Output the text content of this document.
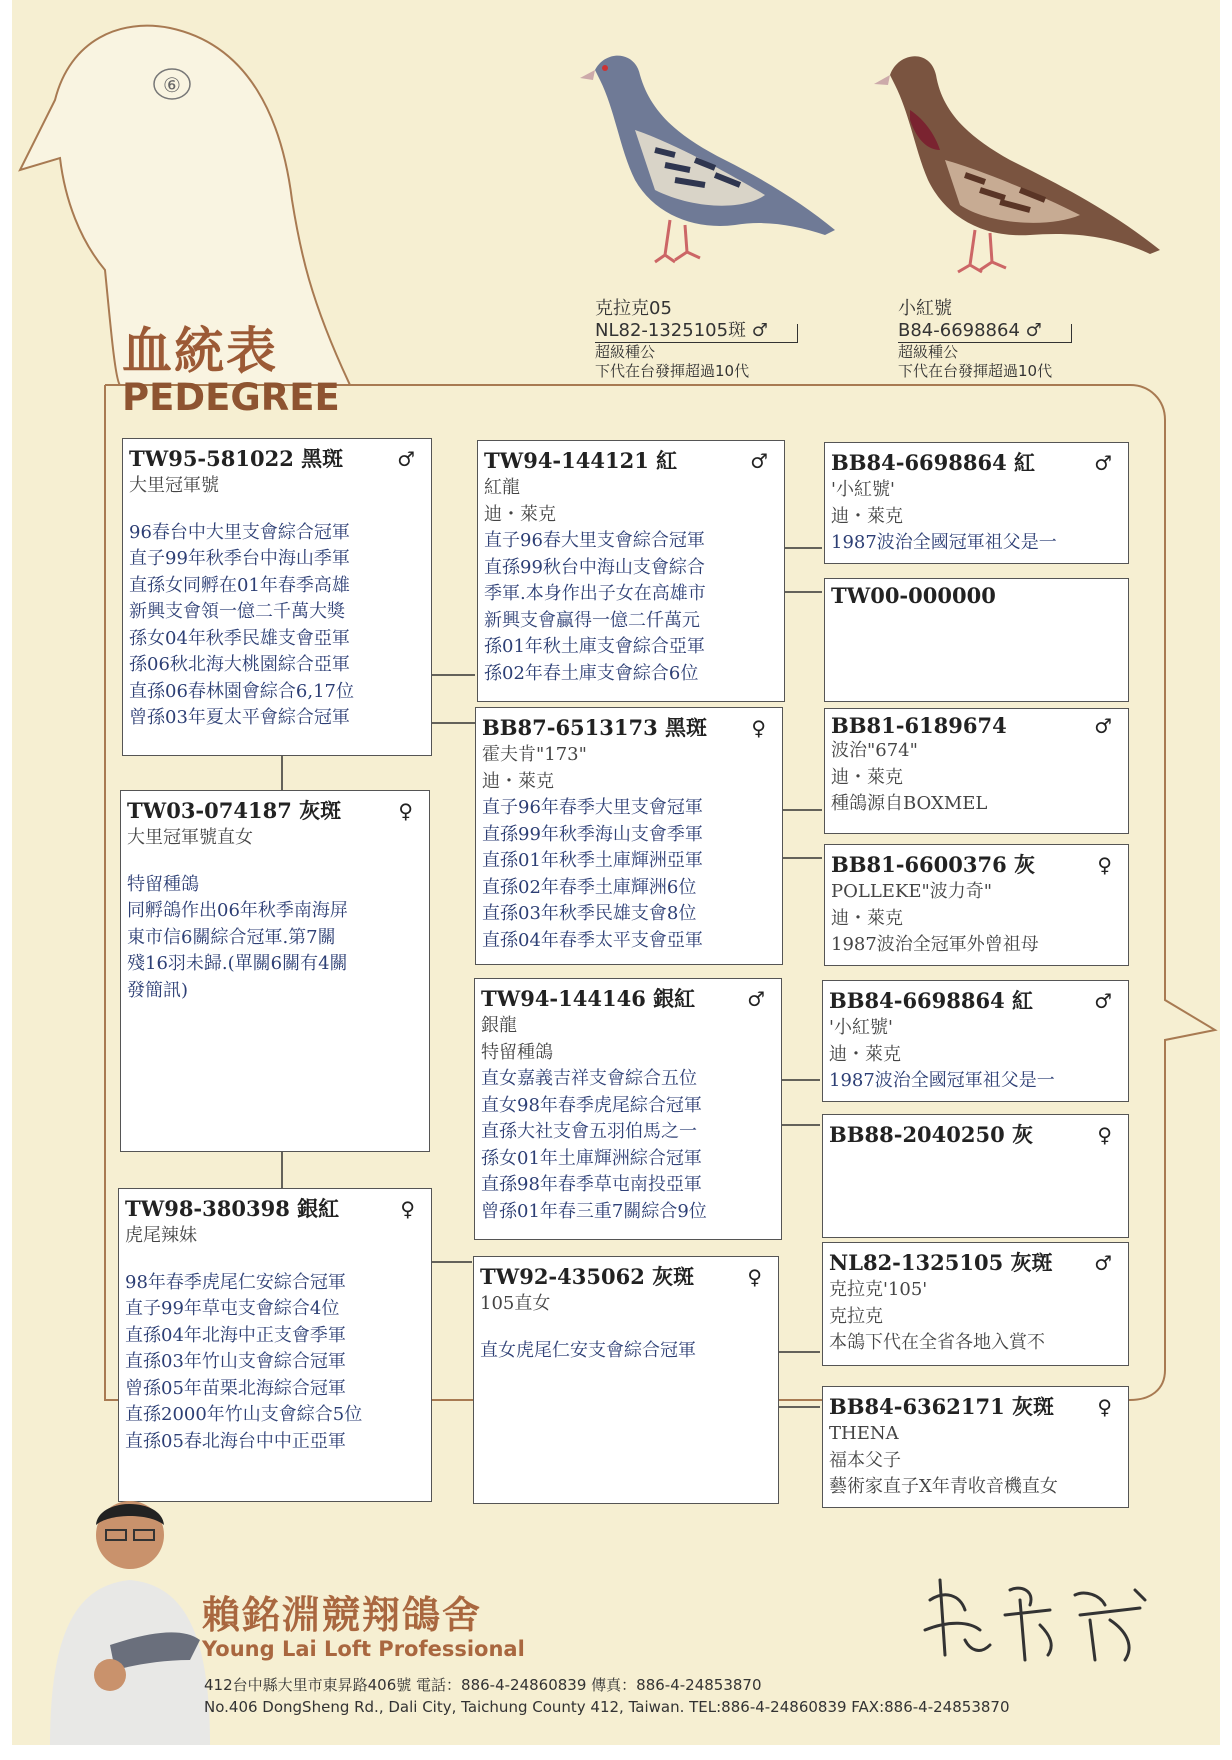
⑥
血統表
PEDEGREE
克拉克05
NL82-1325105斑 ♂
超級種公
下代在台發揮超過10代
小紅號
B84-6698864 ♂
超級種公
下代在台發揮超過10代
TW95-581022 黑斑	♂
大里冠軍號
96春台中大里支會綜合冠軍
直子99年秋季台中海山季軍
直孫女同孵在01年春季高雄
新興支會領一億二千萬大獎
孫女04年秋季民雄支會亞軍
孫06秋北海大桃園綜合亞軍
直孫06春林園會綜合6,17位
曾孫03年夏太平會綜合冠軍
TW03-074187 灰斑	♀
大里冠軍號直女
特留種鴿
同孵鴿作出06年秋季南海屏
東市信6關綜合冠軍.第7關
殘16羽未歸.(單關6關有4關
發簡訊)
TW98-380398 銀紅	♀
虎尾辣妹
98年春季虎尾仁安綜合冠軍
直子99年草屯支會綜合4位
直孫04年北海中正支會季軍
直孫03年竹山支會綜合冠軍
曾孫05年苗栗北海綜合冠軍
直孫2000年竹山支會綜合5位
直孫05春北海台中中正亞軍
TW94-144121 紅	♂
紅龍
迪・萊克
直子96春大里支會綜合冠軍
直孫99秋台中海山支會綜合
季軍.本身作出子女在高雄市
新興支會贏得一億二仟萬元
孫01年秋土庫支會綜合亞軍
孫02年春土庫支會綜合6位
BB87-6513173 黑斑 ♀
霍夫肯"173"
迪・萊克
直子96年春季大里支會冠軍
直孫99年秋季海山支會季軍
直孫01年秋季土庫輝洲亞軍
直孫02年春季土庫輝洲6位
直孫03年秋季民雄支會8位
直孫04年春季太平支會亞軍
TW94-144146 銀紅	♂
銀龍
特留種鴿
直女嘉義吉祥支會綜合五位
直女98年春季虎尾綜合冠軍
直孫大社支會五羽伯馬之一
孫女01年土庫輝洲綜合冠軍
直孫98年春季草屯南投亞軍
曾孫01年春三重7關綜合9位
TW92-435062 灰斑	♀
105直女
直女虎尾仁安支會綜合冠軍
BB84-6698864 紅	♂
'小紅號'
迪・萊克
1987波治全國冠軍祖父是一
TW00-000000
BB81-6189674	♂
波治"674"
迪・萊克
種鴿源自BOXMEL
BB81-6600376 灰	♀
POLLEKE"波力奇"
迪・萊克
1987波治全冠軍外曾祖母
BB84-6698864 紅	♂
'小紅號'
迪・萊克
1987波治全國冠軍祖父是一
BB88-2040250 灰	♀
NL82-1325105 灰斑 ♂
克拉克'105'
克拉克
本鴿下代在全省各地入賞不
BB84-6362171 灰斑 ♀
THENA
福本父子
藝術家直子X年青收音機直女
賴銘淵競翔鴿舍
Young Lai Loft Professional
412台中縣大里市東昇路406號 電話：886-4-24860839 傳真：886-4-24853870
No.406 DongSheng Rd., Dali City, Taichung County 412, Taiwan. TEL:886-4-24860839 FAX:886-4-24853870
